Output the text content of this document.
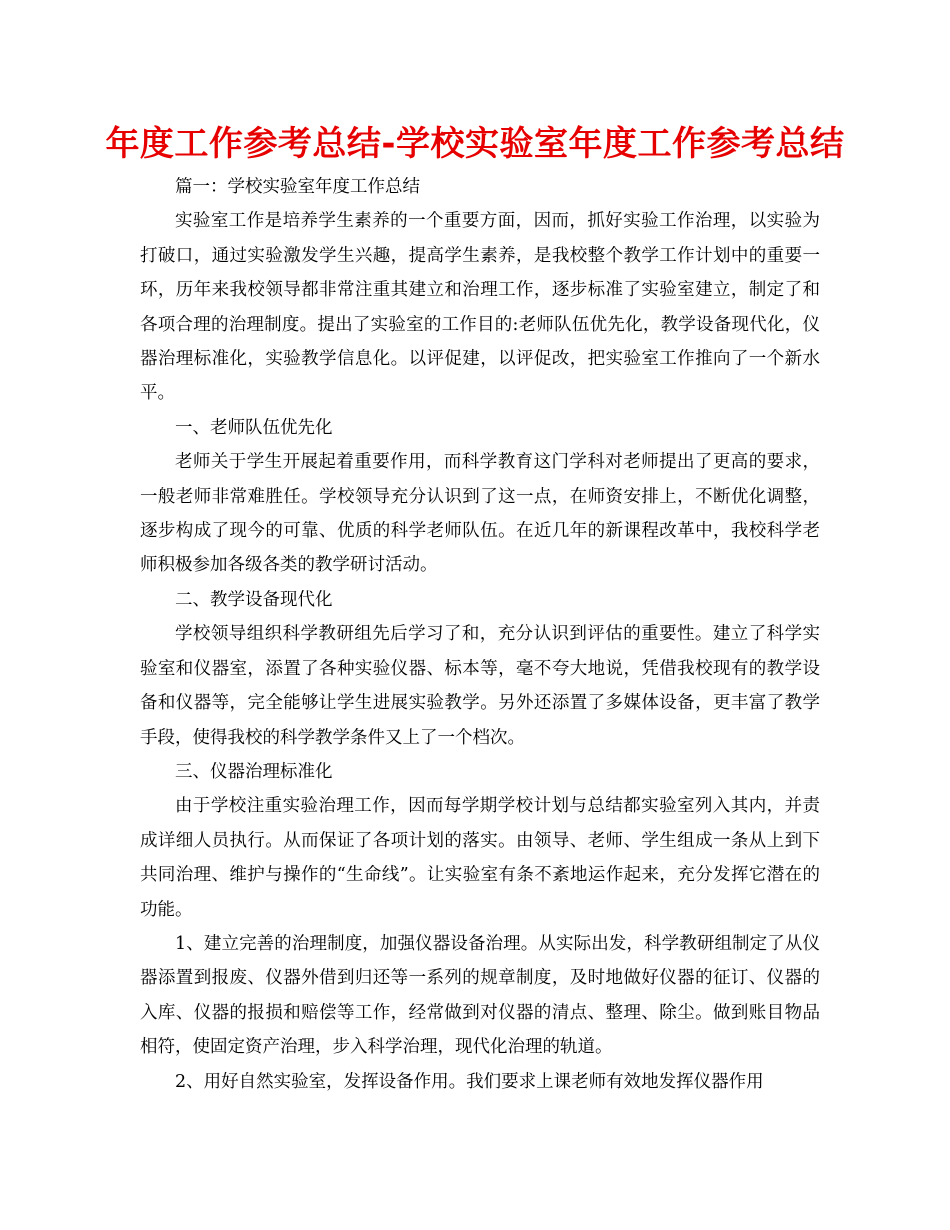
年度工作参考总结-学校实验室年度工作参考总结

篇一：学校实验室年度工作总结

实验室工作是培养学生素养的一个重要方面，因而，抓好实验工作治理，以实验为打破口，通过实验激发学生兴趣，提高学生素养，是我校整个教学工作计划中的重要一环，历年来我校领导都非常注重其建立和治理工作，逐步标准了实验室建立，制定了和各项合理的治理制度。提出了实验室的工作目的:老师队伍优先化，教学设备现代化，仪器治理标准化，实验教学信息化。以评促建，以评促改，把实验室工作推向了一个新水平。

一、老师队伍优先化

老师关于学生开展起着重要作用，而科学教育这门学科对老师提出了更高的要求，一般老师非常难胜任。学校领导充分认识到了这一点，在师资安排上，不断优化调整，逐步构成了现今的可靠、优质的科学老师队伍。在近几年的新课程改革中，我校科学老师积极参加各级各类的教学研讨活动。

二、教学设备现代化

学校领导组织科学教研组先后学习了和，充分认识到评估的重要性。建立了科学实验室和仪器室，添置了各种实验仪器、标本等，毫不夸大地说，凭借我校现有的教学设备和仪器等，完全能够让学生进展实验教学。另外还添置了多媒体设备，更丰富了教学手段，使得我校的科学教学条件又上了一个档次。

三、仪器治理标准化

由于学校注重实验治理工作，因而每学期学校计划与总结都实验室列入其内，并责成详细人员执行。从而保证了各项计划的落实。由领导、老师、学生组成一条从上到下共同治理、维护与操作的“生命线”。让实验室有条不紊地运作起来，充分发挥它潜在的功能。

1、建立完善的治理制度，加强仪器设备治理。从实际出发，科学教研组制定了从仪器添置到报废、仪器外借到归还等一系列的规章制度，及时地做好仪器的征订、仪器的入库、仪器的报损和赔偿等工作，经常做到对仪器的清点、整理、除尘。做到账目物品相符，使固定资产治理，步入科学治理，现代化治理的轨道。

2、用好自然实验室，发挥设备作用。我们要求上课老师有效地发挥仪器作用
